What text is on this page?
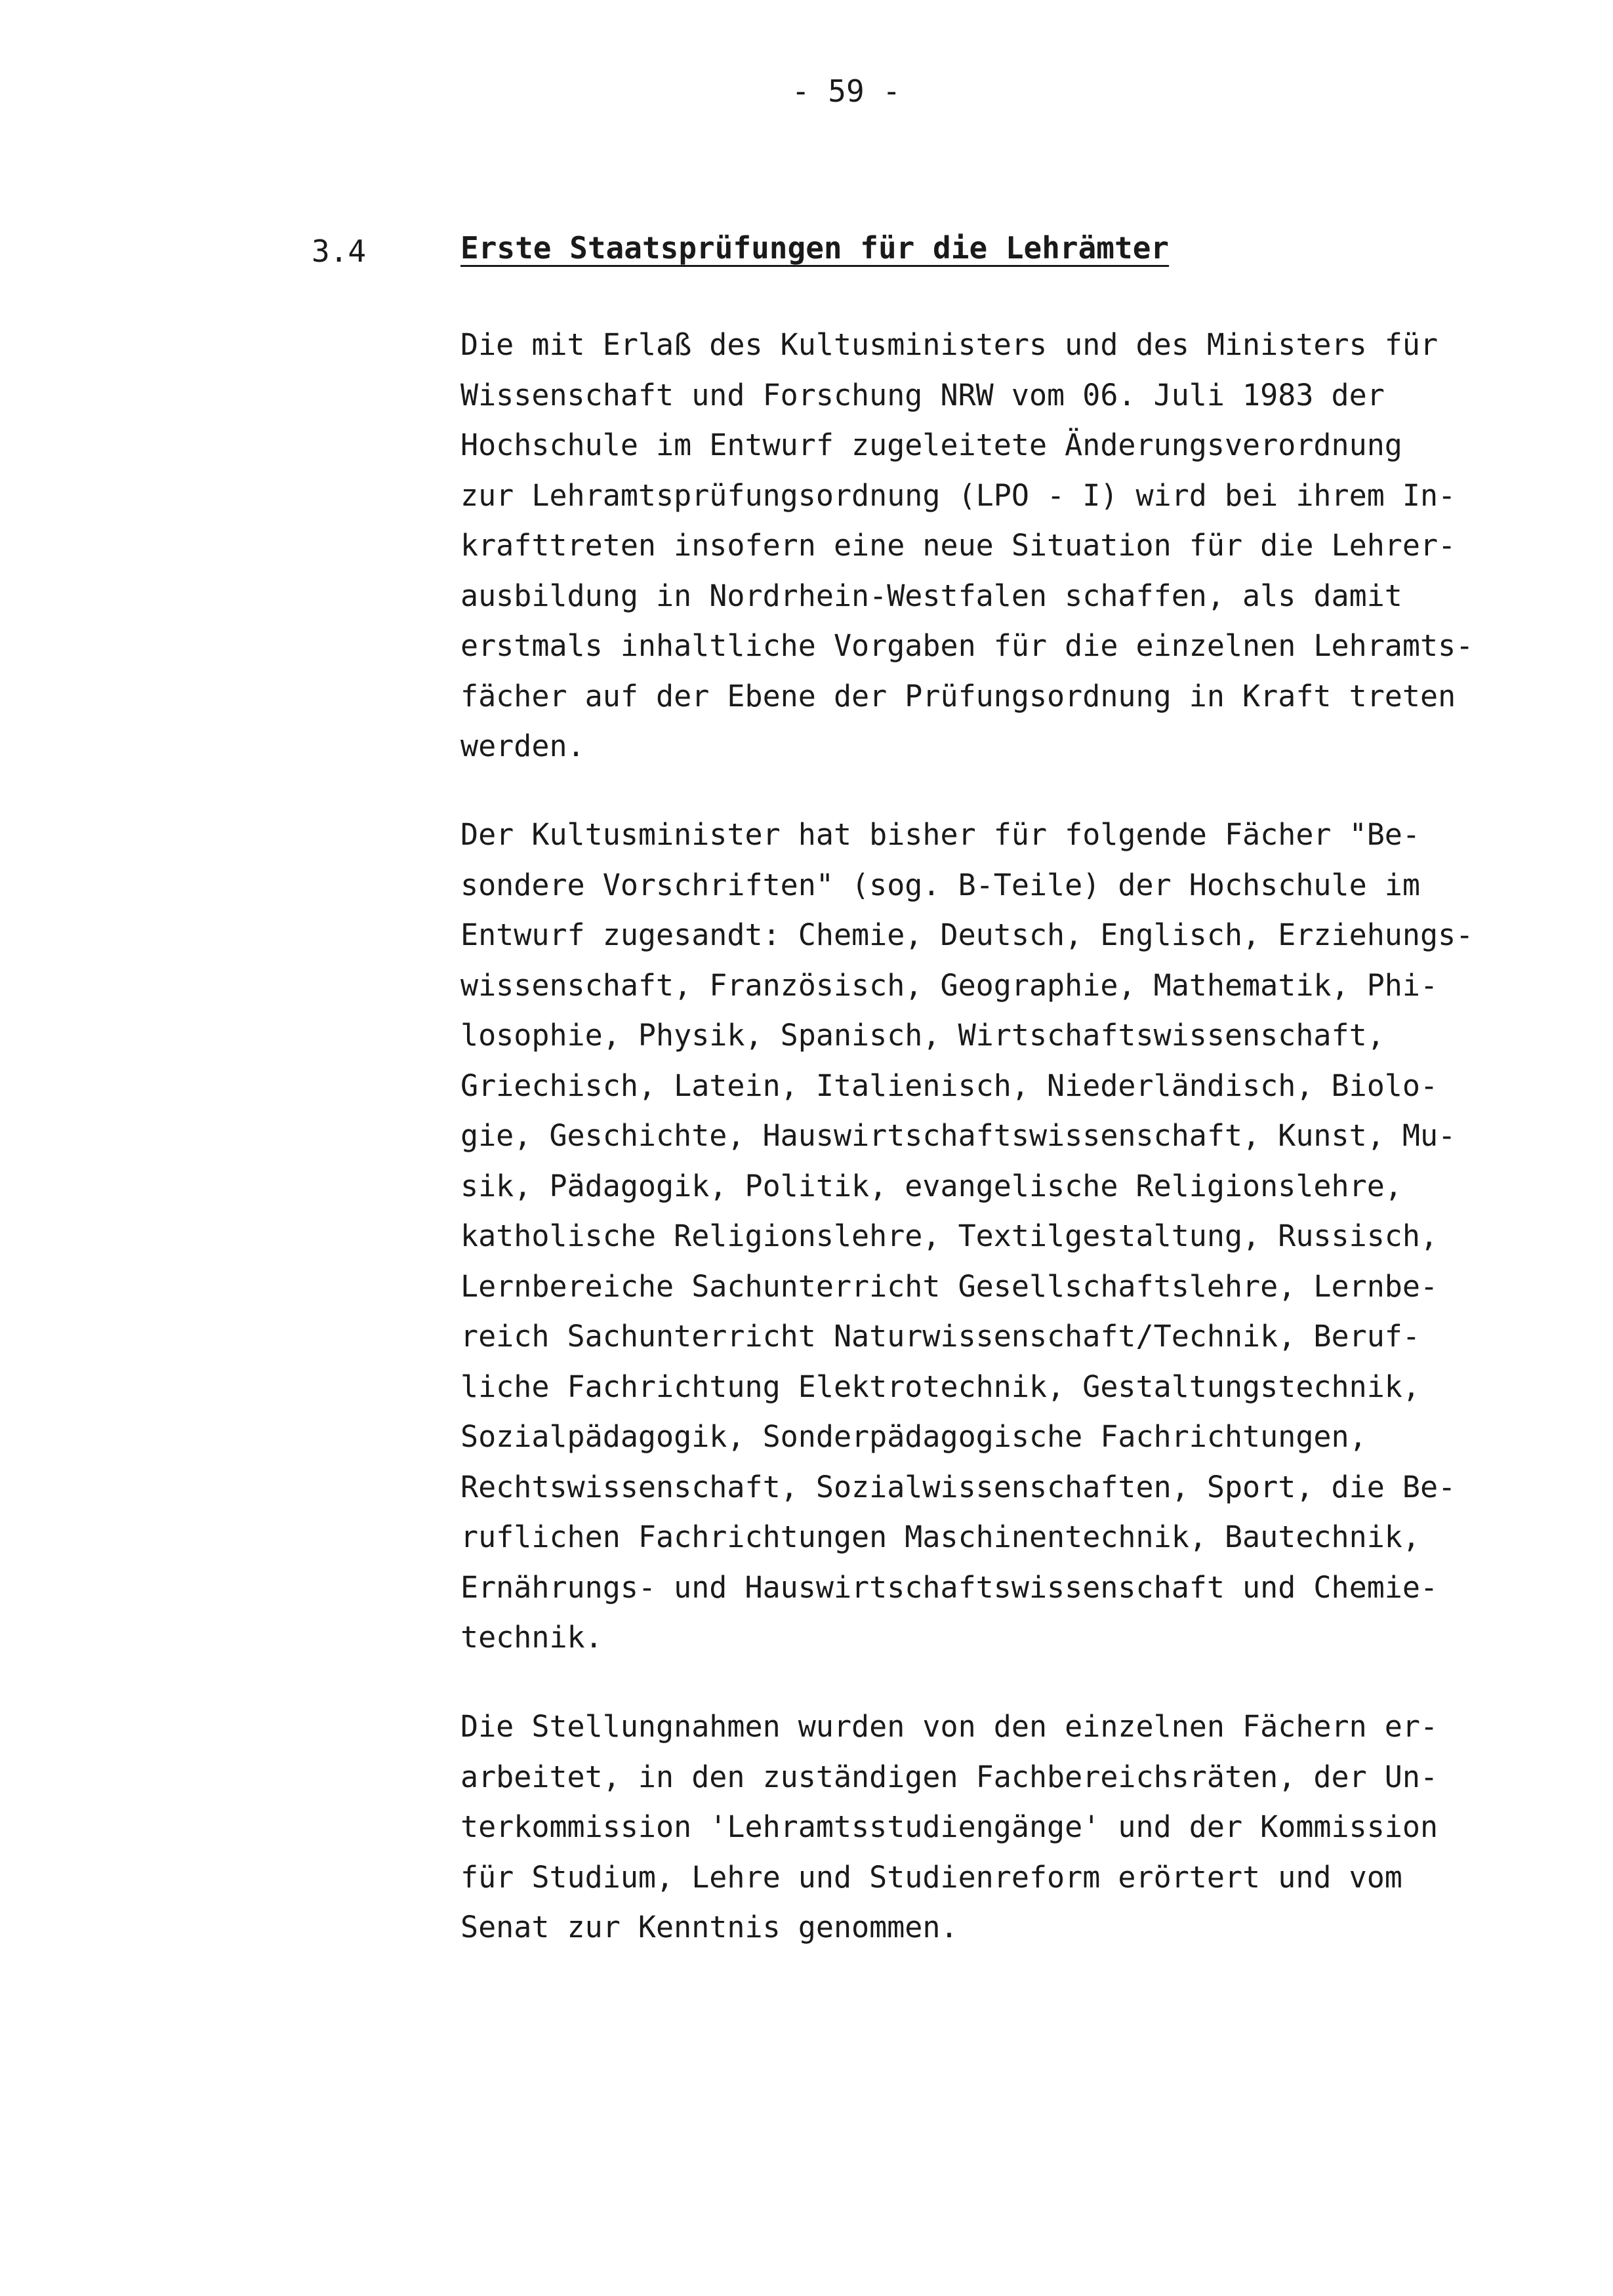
- 59 -
3.4	Erste Staatsprüfungen für die Lehrämter
Die mit Erlaß des Kultusministers und des Ministers für
Wissenschaft und Forschung NRW vom 06. Juli 1983 der
Hochschule im Entwurf zugeleitete Änderungsverordnung
zur Lehramtsprüfungsordnung (LPO - I) wird bei ihrem In-
krafttreten insofern eine neue Situation für die Lehrer-
ausbildung in Nordrhein-Westfalen schaffen, als damit
erstmals inhaltliche Vorgaben für die einzelnen Lehramts-
fächer auf der Ebene der Prüfungsordnung in Kraft treten
werden.
Der Kultusminister hat bisher für folgende Fächer "Be-
sondere Vorschriften" (sog. B-Teile) der Hochschule im
Entwurf zugesandt: Chemie, Deutsch, Englisch, Erziehungs-
wissenschaft, Französisch, Geographie, Mathematik, Phi-
losophie, Physik, Spanisch, Wirtschaftswissenschaft,
Griechisch, Latein, Italienisch, Niederländisch, Biolo-
gie, Geschichte, Hauswirtschaftswissenschaft, Kunst, Mu-
sik, Pädagogik, Politik, evangelische Religionslehre,
katholische Religionslehre, Textilgestaltung, Russisch,
Lernbereiche Sachunterricht Gesellschaftslehre, Lernbe-
reich Sachunterricht Naturwissenschaft/Technik, Beruf-
liche Fachrichtung Elektrotechnik, Gestaltungstechnik,
Sozialpädagogik, Sonderpädagogische Fachrichtungen,
Rechtswissenschaft, Sozialwissenschaften, Sport, die Be-
ruflichen Fachrichtungen Maschinentechnik, Bautechnik,
Ernährungs- und Hauswirtschaftswissenschaft und Chemie-
technik.
Die Stellungnahmen wurden von den einzelnen Fächern er-
arbeitet, in den zuständigen Fachbereichsräten, der Un-
terkommission 'Lehramtsstudiengänge' und der Kommission
für Studium, Lehre und Studienreform erörtert und vom
Senat zur Kenntnis genommen.
